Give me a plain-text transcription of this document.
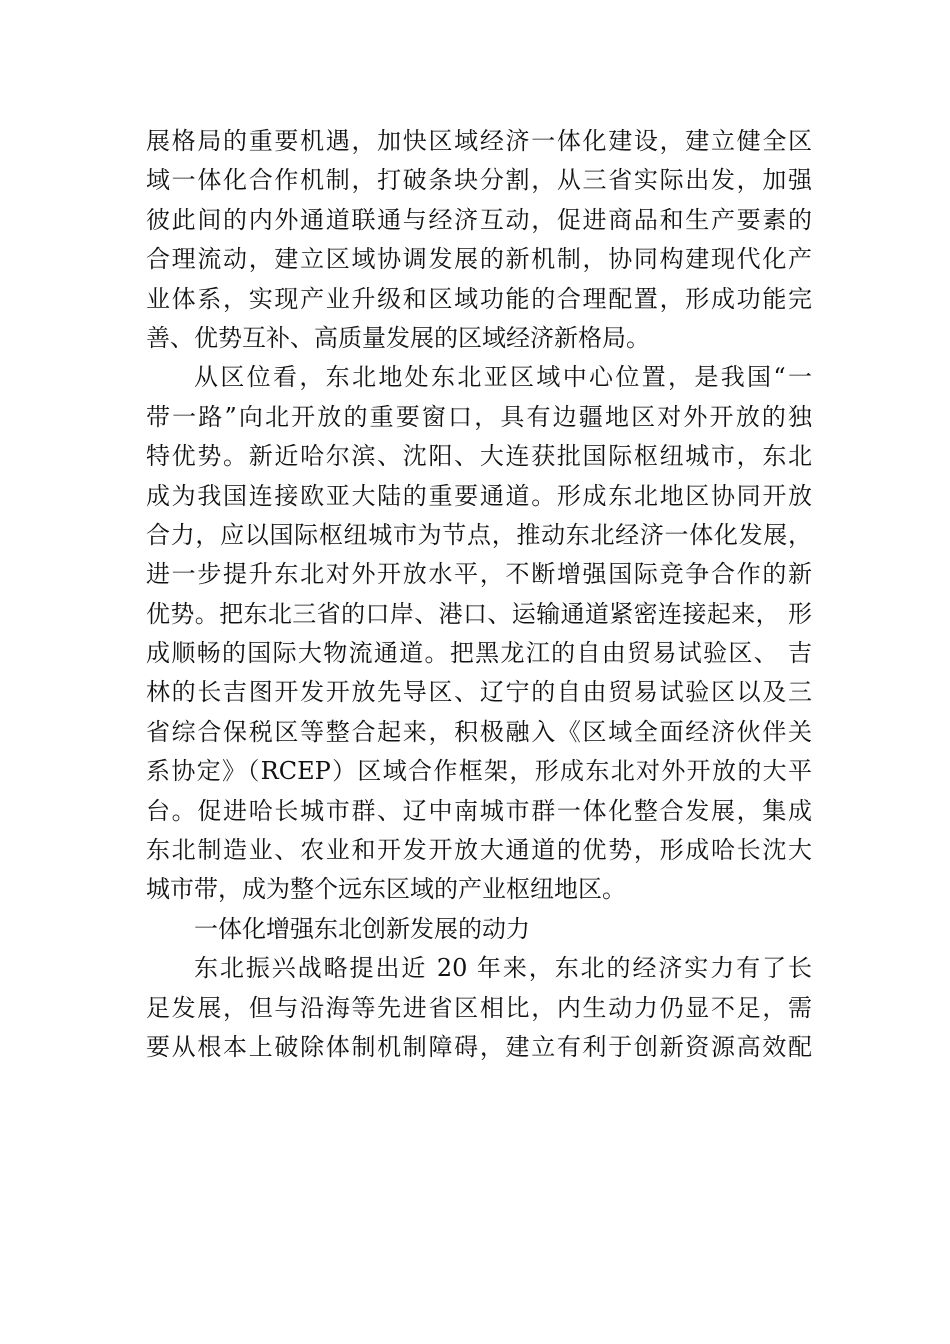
展格局的重要机遇，加快区域经济一体化建设，建立健全区
域一体化合作机制，打破条块分割，从三省实际出发，加强
彼此间的内外通道联通与经济互动，促进商品和生产要素的
合理流动，建立区域协调发展的新机制，协同构建现代化产
业体系，实现产业升级和区域功能的合理配置，形成功能完
善、优势互补、高质量发展的区域经济新格局。
从区位看，东北地处东北亚区域中心位置，是我国“一
带一路”向北开放的重要窗口，具有边疆地区对外开放的独
特优势。新近哈尔滨、沈阳、大连获批国际枢纽城市，东北
成为我国连接欧亚大陆的重要通道。形成东北地区协同开放
合力，应以国际枢纽城市为节点，推动东北经济一体化发展，
进一步提升东北对外开放水平，不断增强国际竞争合作的新
优势。把东北三省的口岸、港口、运输通道紧密连接起来， 形
成顺畅的国际大物流通道。把黑龙江的自由贸易试验区、 吉
林的长吉图开发开放先导区、辽宁的自由贸易试验区以及三
省综合保税区等整合起来，积极融入《区域全面经济伙伴关
系协定》（RCEP）区域合作框架，形成东北对外开放的大平
台。促进哈长城市群、辽中南城市群一体化整合发展，集成
东北制造业、农业和开发开放大通道的优势，形成哈长沈大
城市带，成为整个远东区域的产业枢纽地区。
一体化增强东北创新发展的动力
东北振兴战略提出近 20 年来，东北的经济实力有了长
足发展，但与沿海等先进省区相比，内生动力仍显不足，需
要从根本上破除体制机制障碍，建立有利于创新资源高效配
